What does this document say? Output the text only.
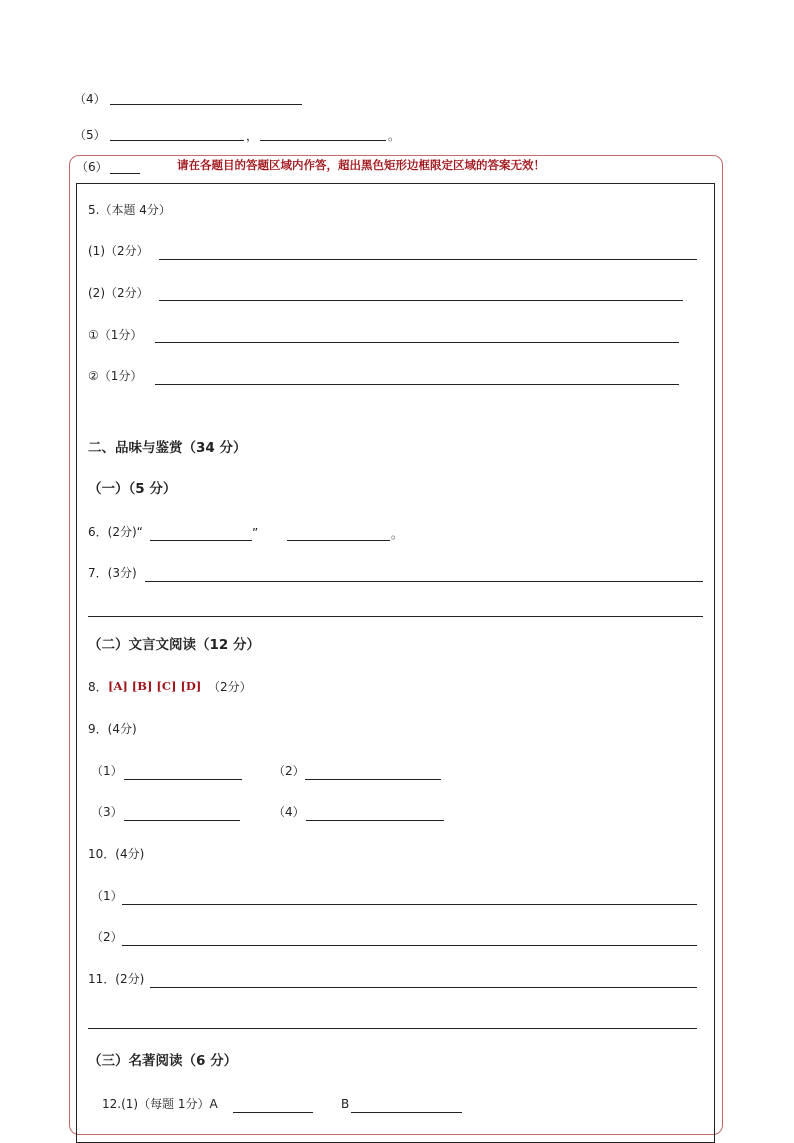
（4）
（5）	，	。
（6）	请在各题目的答题区域内作答，超出黑色矩形边框限定区域的答案无效！
5.（本题 4分）
(1)（2分）
(2)（2分）
①（1分）
②（1分）
二、品味与鉴赏（34 分）
（一）（5 分）
6．(2分)“	”	。
7．(3分)
（二）文言文阅读（12 分）
8． [A] [B] [C] [D] （2分）
9．(4分)
（1）	（2）
（3）	（4）
10．(4分)
（1）
（2）
11．(2分)
（三）名著阅读（6 分）
12.(1)（每题 1分）A	B
